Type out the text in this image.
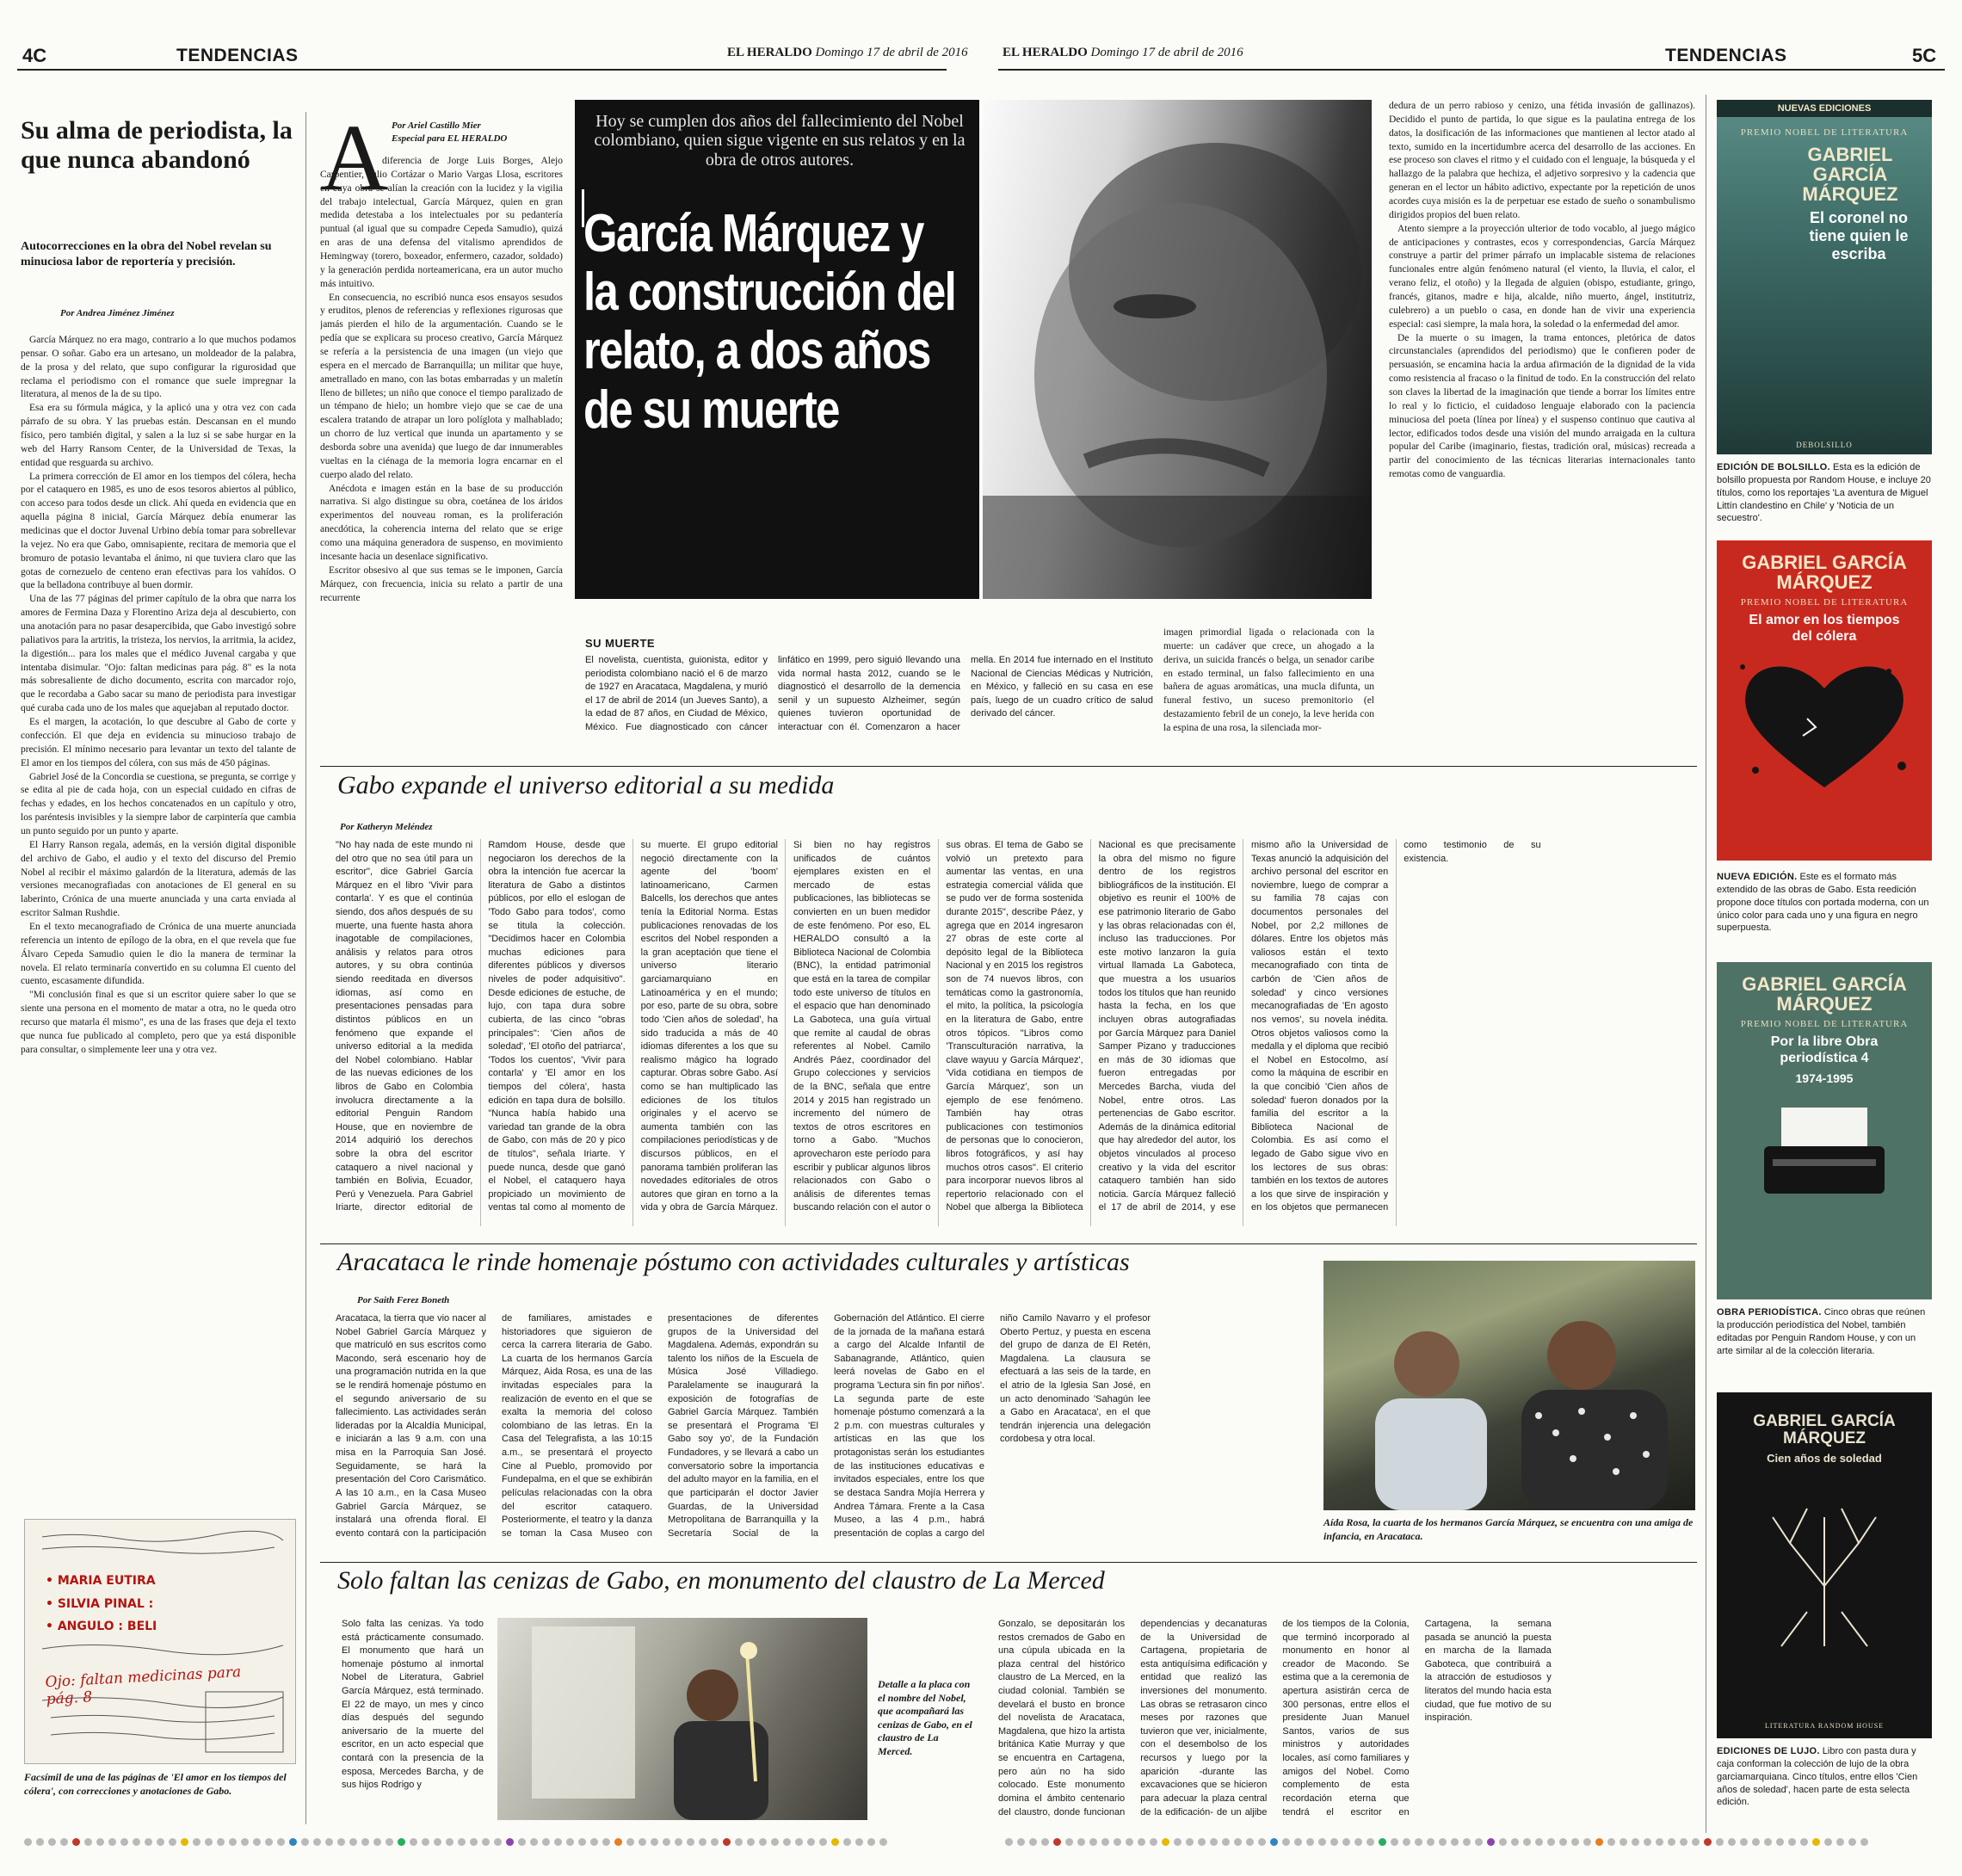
4C	TENDENCIAS	EL HERALDO Domingo 17 de abril de 2016	EL HERALDO Domingo 17 de abril de 2016	TENDENCIAS	5C
Su alma de periodista, la que nunca abandonó
Autocorrecciones en la obra del Nobel revelan su minuciosa labor de reportería y precisión.
Por Andrea Jiménez Jiménez

García Márquez no era mago, contrario a lo que muchos podamos pensar. O soñar. Gabo era un artesano, un moldeador de la palabra, de la prosa y del relato, que supo configurar la rigurosidad que reclama el periodismo con el romance que suele impregnar la literatura, al menos de la de su tipo.

Esa era su fórmula mágica, y la aplicó una y otra vez con cada párrafo de su obra. Y las pruebas están. Descansan en el mundo físico, pero también digital, y salen a la luz si se sabe hurgar en la web del Harry Ransom Center, de la Universidad de Texas, la entidad que resguarda su archivo.

La primera corrección de El amor en los tiempos del cólera, hecha por el cataquero en 1985, es uno de esos tesoros abiertos al público, con acceso para todos desde un click. Ahí queda en evidencia que en aquella página 8 inicial, García Márquez debía enumerar las medicinas que el doctor Juvenal Urbino debía tomar para sobrellevar la vejez. No era que Gabo, omnisapiente, recitara de memoria que el bromuro de potasio levantaba el ánimo, ni que tuviera claro que las gotas de cornezuelo de centeno eran efectivas para los vahídos. O que la belladona contribuye al buen dormir.

Una de las 77 páginas del primer capítulo de la obra que narra los amores de Fermina Daza y Florentino Ariza deja al descubierto, con una anotación para no pasar desapercibida, que Gabo investigó sobre paliativos para la artritis, la tristeza, los nervios, la arritmia, la acidez, la digestión... para los males que el médico Juvenal cargaba y que intentaba disimular. "Ojo: faltan medicinas para pág. 8" es la nota más sobresaliente de dicho documento, escrita con marcador rojo, que le recordaba a Gabo sacar su mano de periodista para investigar qué curaba cada uno de los males que aquejaban al reputado doctor.

Es el margen, la acotación, lo que descubre al Gabo de corte y confección. El que deja en evidencia su minucioso trabajo de precisión. El mínimo necesario para levantar un texto del talante de El amor en los tiempos del cólera, con sus más de 450 páginas.

Gabriel José de la Concordia se cuestiona, se pregunta, se corrige y se edita al pie de cada hoja, con un especial cuidado en cifras de fechas y edades, en los hechos concatenados en un capítulo y otro, los paréntesis invisibles y la siempre labor de carpintería que cambia un punto seguido por un punto y aparte.

El Harry Ranson regala, además, en la versión digital disponible del archivo de Gabo, el audio y el texto del discurso del Premio Nobel al recibir el máximo galardón de la literatura, además de las versiones mecanografiadas con anotaciones de El general en su laberinto, Crónica de una muerte anunciada y una carta enviada al escritor Salman Rushdie.

En el texto mecanografiado de Crónica de una muerte anunciada referencia un intento de epílogo de la obra, en el que revela que fue Álvaro Cepeda Samudio quien le dio la manera de terminar la novela. El relato terminaría convertido en su columna El cuento del cuento, escasamente difundida.

"Mi conclusión final es que si un escritor quiere saber lo que se siente una persona en el momento de matar a otra, no le queda otro recurso que matarla él mismo", es una de las frases que deja el texto que nunca fue publicado al completo, pero que ya está disponible para consultar, o simplemente leer una y otra vez.

• MARIA EUTIRA
• SILVIA PINAL :
• ANGULO : BELI
Ojo: faltan medicinas para pág. 8
Facsímil de una de las páginas de 'El amor en los tiempos del cólera', con correcciones y anotaciones de Gabo.
A Por Ariel Castillo Mier
Especial para EL HERALDO

diferencia de Jorge Luis Borges, Alejo Carpentier, Julio Cortázar o Mario Vargas Llosa, escritores en cuya obra se alían la creación con la lucidez y la vigilia del trabajo intelectual, García Márquez, quien en gran medida detestaba a los intelectuales por su pedantería puntual (al igual que su compadre Cepeda Samudio), quizá en aras de una defensa del vitalismo aprendidos de Hemingway (torero, boxeador, enfermero, cazador, soldado) y la generación perdida norteamericana, era un autor mucho más intuitivo.

En consecuencia, no escribió nunca esos ensayos sesudos y eruditos, plenos de referencias y reflexiones rigurosas que jamás pierden el hilo de la argumentación. Cuando se le pedía que se explicara su proceso creativo, García Márquez se refería a la persistencia de una imagen (un viejo que espera en el mercado de Barranquilla; un militar que huye, ametrallado en mano, con las botas embarradas y un maletín lleno de billetes; un niño que conoce el tiempo paralizado de un témpano de hielo; un hombre viejo que se cae de una escalera tratando de atrapar un loro políglota y malhablado; un chorro de luz vertical que inunda un apartamento y se desborda sobre una avenida) que luego de dar innumerables vueltas en la ciénaga de la memoria logra encarnar en el cuerpo alado del relato.

Anécdota e imagen están en la base de su producción narrativa. Si algo distingue su obra, coetánea de los áridos experimentos del nouveau roman, es la proliferación anecdótica, la coherencia interna del relato que se erige como una máquina generadora de suspenso, en movimiento incesante hacia un desenlace significativo.

Escritor obsesivo al que sus temas se le imponen, García Márquez, con frecuencia, inicia su relato a partir de una recurrente

Hoy se cumplen dos años del fallecimiento del Nobel colombiano, quien sigue vigente en sus relatos y en la obra de otros autores.
García Márquez y la construcción del relato, a dos años de su muerte
SU MUERTE
El novelista, cuentista, guionista, editor y periodista colombiano nació el 6 de marzo de 1927 en Aracataca, Magdalena, y murió el 17 de abril de 2014 (un Jueves Santo), a la edad de 87 años, en Ciudad de México, México. Fue diagnosticado con cáncer linfático en 1999, pero siguió llevando una vida normal hasta 2012, cuando se le diagnosticó el desarrollo de la demencia senil y un supuesto Alzheimer, según quienes tuvieron oportunidad de interactuar con él. Comenzaron a hacer mella. En 2014 fue internado en el Instituto Nacional de Ciencias Médicas y Nutrición, en México, y falleció en su casa en ese país, luego de un cuadro crítico de salud derivado del cáncer.
imagen primordial ligada o relacionada con la muerte: un cadáver que crece, un ahogado a la deriva, un suicida francés o belga, un senador caribe en estado terminal, un falso fallecimiento en una bañera de aguas aromáticas, una mucla difunta, un funeral festivo, un suceso premonitorio (el destazamiento febril de un conejo, la leve herida con la espina de una rosa, la silenciada mor-

dedura de un perro rabioso y cenizo, una fétida invasión de gallinazos). Decidido el punto de partida, lo que sigue es la paulatina entrega de los datos, la dosificación de las informaciones que mantienen al lector atado al texto, sumido en la incertidumbre acerca del desarrollo de las acciones. En ese proceso son claves el ritmo y el cuidado con el lenguaje, la búsqueda y el hallazgo de la palabra que hechiza, el adjetivo sorpresivo y la cadencia que generan en el lector un hábito adictivo, expectante por la repetición de unos acordes cuya misión es la de perpetuar ese estado de sueño o sonambulismo dirigidos propios del buen relato.

Atento siempre a la proyección ulterior de todo vocablo, al juego mágico de anticipaciones y contrastes, ecos y correspondencias, García Márquez construye a partir del primer párrafo un implacable sistema de relaciones funcionales entre algún fenómeno natural (el viento, la lluvia, el calor, el verano feliz, el otoño) y la llegada de alguien (obispo, estudiante, gringo, francés, gitanos, madre e hija, alcalde, niño muerto, ángel, institutriz, culebrero) a un pueblo o casa, en donde han de vivir una experiencia especial: casi siempre, la mala hora, la soledad o la enfermedad del amor.

De la muerte o su imagen, la trama entonces, pletórica de datos circunstanciales (aprendidos del periodismo) que le confieren poder de persuasión, se encamina hacia la ardua afirmación de la dignidad de la vida como resistencia al fracaso o la finitud de todo. En la construcción del relato son claves la libertad de la imaginación que tiende a borrar los límites entre lo real y lo ficticio, el cuidadoso lenguaje elaborado con la paciencia minuciosa del poeta (línea por línea) y el suspenso continuo que cautiva al lector, edificados todos desde una visión del mundo arraigada en la cultura popular del Caribe (imaginario, fiestas, tradición oral, músicas) recreada a partir del conocimiento de las técnicas literarias internacionales tanto remotas como de vanguardia.

Gabo expande el universo editorial a su medida
Por Katheryn Meléndez
"No hay nada de este mundo ni del otro que no sea útil para un escritor", dice Gabriel García Márquez en el libro 'Vivir para contarla'. Y es que el continúa siendo, dos años después de su muerte, una fuente hasta ahora inagotable de compilaciones, análisis y relatos para otros autores, y su obra continúa siendo reeditada en diversos idiomas, así como en presentaciones pensadas para distintos públicos en un fenómeno que expande el universo editorial a la medida del Nobel colombiano. Hablar de las nuevas ediciones de los libros de Gabo en Colombia involucra directamente a la editorial Penguin Random House, que en noviembre de 2014 adquirió los derechos sobre la obra del escritor cataquero a nivel nacional y también en Bolivia, Ecuador, Perú y Venezuela. Para Gabriel Iriarte, director editorial de Ramdom House, desde que negociaron los derechos de la obra la intención fue acercar la literatura de Gabo a distintos públicos, por ello el eslogan de 'Todo Gabo para todos', como se titula la colección. "Decidimos hacer en Colombia muchas ediciones para diferentes públicos y diversos niveles de poder adquisitivo". Desde ediciones de estuche, de lujo, con tapa dura sobre cubierta, de las cinco "obras principales": 'Cien años de soledad', 'El otoño del patriarca', 'Todos los cuentos', 'Vivir para contarla' y 'El amor en los tiempos del cólera', hasta edición en tapa dura de bolsillo. "Nunca había habido una variedad tan grande de la obra de Gabo, con más de 20 y pico de títulos", señala Iriarte. Y puede nunca, desde que ganó el Nobel, el cataquero haya propiciado un movimiento de ventas tal como al momento de su muerte. El grupo editorial negoció directamente con la agente del 'boom' latinoamericano, Carmen Balcells, los derechos que antes tenía la Editorial Norma. Estas publicaciones renovadas de los escritos del Nobel responden a la gran aceptación que tiene el universo literario garciamarquiano en Latinoamérica y en el mundo; por eso, parte de su obra, sobre todo 'Cien años de soledad', ha sido traducida a más de 40 idiomas diferentes a los que su realismo mágico ha logrado capturar. Obras sobre Gabo. Así como se han multiplicado las ediciones de los títulos originales y el acervo se aumenta también con las compilaciones periodísticas y de discursos públicos, en el panorama también proliferan las novedades editoriales de otros autores que giran en torno a la vida y obra de García Márquez. Si bien no hay registros unificados de cuántos ejemplares existen en el mercado de estas publicaciones, las bibliotecas se convierten en un buen medidor de este fenómeno. Por eso, EL HERALDO consultó a la Biblioteca Nacional de Colombia (BNC), la entidad patrimonial que está en la tarea de compilar todo este universo de títulos en el espacio que han denominado La Gaboteca, una guía virtual que remite al caudal de obras referentes al Nobel. Camilo Andrés Páez, coordinador del Grupo colecciones y servicios de la BNC, señala que entre 2014 y 2015 han registrado un incremento del número de textos de otros escritores en torno a Gabo. "Muchos aprovecharon este período para escribir y publicar algunos libros relacionados con Gabo o análisis de diferentes temas buscando relación con el autor o sus obras. El tema de Gabo se volvió un pretexto para aumentar las ventas, en una estrategia comercial válida que se pudo ver de forma sostenida durante 2015", describe Páez, y agrega que en 2014 ingresaron 27 obras de este corte al depósito legal de la Biblioteca Nacional y en 2015 los registros son de 74 nuevos libros, con temáticas como la gastronomía, el mito, la política, la psicología en la literatura de Gabo, entre otros tópicos. "Libros como 'Transculturación narrativa, la clave wayuu y García Márquez', 'Vida cotidiana en tiempos de García Márquez', son un ejemplo de ese fenómeno. También hay otras publicaciones con testimonios de personas que lo conocieron, libros fotográficos, y así hay muchos otros casos". El criterio para incorporar nuevos libros al repertorio relacionado con el Nobel que alberga la Biblioteca Nacional es que precisamente la obra del mismo no figure dentro de los registros bibliográficos de la institución. El objetivo es reunir el 100% de ese patrimonio literario de Gabo y las obras relacionadas con él, incluso las traducciones. Por este motivo lanzaron la guía virtual llamada La Gaboteca, que muestra a los usuarios todos los títulos que han reunido hasta la fecha, en los que incluyen obras autografiadas por García Márquez para Daniel Samper Pizano y traducciones en más de 30 idiomas que fueron entregadas por Mercedes Barcha, viuda del Nobel, entre otros. Las pertenencias de Gabo escritor. Además de la dinámica editorial que hay alrededor del autor, los objetos vinculados al proceso creativo y la vida del escritor cataquero también han sido noticia. García Márquez falleció el 17 de abril de 2014, y ese mismo año la Universidad de Texas anunció la adquisición del archivo personal del escritor en noviembre, luego de comprar a su familia 78 cajas con documentos personales del Nobel, por 2,2 millones de dólares. Entre los objetos más valiosos están el texto mecanografiado con tinta de carbón de 'Cien años de soledad' y cinco versiones mecanografiadas de 'En agosto nos vemos', su novela inédita. Otros objetos valiosos como la medalla y el diploma que recibió el Nobel en Estocolmo, así como la máquina de escribir en la que concibió 'Cien años de soledad' fueron donados por la familia del escritor a la Biblioteca Nacional de Colombia. Es así como el legado de Gabo sigue vivo en los lectores de sus obras: también en los textos de autores a los que sirve de inspiración y en los objetos que permanecen como testimonio de su existencia.
Aracataca le rinde homenaje póstumo con actividades culturales y artísticas
Por Saith Ferez Boneth
Aracataca, la tierra que vio nacer al Nobel Gabriel García Márquez y que matriculó en sus escritos como Macondo, será escenario hoy de una programación nutrida en la que se le rendirá homenaje póstumo en el segundo aniversario de su fallecimiento. Las actividades serán lideradas por la Alcaldía Municipal, e iniciarán a las 9 a.m. con una misa en la Parroquia San José. Seguidamente, se hará la presentación del Coro Carismático. A las 10 a.m., en la Casa Museo Gabriel García Márquez, se instalará una ofrenda floral. El evento contará con la participación de familiares, amistades e historiadores que siguieron de cerca la carrera literaria de Gabo. La cuarta de los hermanos García Márquez, Aida Rosa, es una de las invitadas especiales para la realización de evento en el que se exalta la memoria del coloso colombiano de las letras. En la Casa del Telegrafista, a las 10:15 a.m., se presentará el proyecto Cine al Pueblo, promovido por Fundepalma, en el que se exhibirán películas relacionadas con la obra del escritor cataquero. Posteriormente, el teatro y la danza se toman la Casa Museo con presentaciones de diferentes grupos de la Universidad del Magdalena. Además, expondrán su talento los niños de la Escuela de Música José Villadiego. Paralelamente se inaugurará la exposición de fotografías de Gabriel García Márquez. También se presentará el Programa 'El Gabo soy yo', de la Fundación Fundadores, y se llevará a cabo un conversatorio sobre la importancia del adulto mayor en la familia, en el que participarán el doctor Javier Guardas, de la Universidad Metropolitana de Barranquilla y la Secretaría Social de la Gobernación del Atlántico. El cierre de la jornada de la mañana estará a cargo del Alcalde Infantil de Sabanagrande, Atlántico, quien leerá novelas de Gabo en el programa 'Lectura sin fin por niños'. La segunda parte de este homenaje póstumo comenzará a la 2 p.m. con muestras culturales y artísticas en las que los protagonistas serán los estudiantes de las instituciones educativas e invitados especiales, entre los que se destaca Sandra Mojía Herrera y Andrea Támara. Frente a la Casa Museo, a las 4 p.m., habrá presentación de coplas a cargo del niño Camilo Navarro y el profesor Oberto Pertuz, y puesta en escena del grupo de danza de El Retén, Magdalena. La clausura se efectuará a las seis de la tarde, en el atrio de la Iglesia San José, en un acto denominado 'Sahagún lee a Gabo en Aracataca', en el que tendrán injerencia una delegación cordobesa y otra local.
Aída Rosa, la cuarta de los hermanos García Márquez, se encuentra con una amiga de infancia, en Aracataca.
Solo faltan las cenizas de Gabo, en monumento del claustro de La Merced
Solo falta las cenizas. Ya todo está prácticamente consumado. El monumento que hará un homenaje póstumo al inmortal Nobel de Literatura, Gabriel García Márquez, está terminado. El 22 de mayo, un mes y cinco días después del segundo aniversario de la muerte del escritor, en un acto especial que contará con la presencia de la esposa, Mercedes Barcha, y de sus hijos Rodrigo y
Detalle a la placa con el nombre del Nobel, que acompañará las cenizas de Gabo, en el claustro de La Merced.
Gonzalo, se depositarán los restos cremados de Gabo en una cúpula ubicada en la plaza central del histórico claustro de La Merced, en la ciudad colonial. También se develará el busto en bronce del novelista de Aracataca, Magdalena, que hizo la artista británica Katie Murray y que se encuentra en Cartagena, pero aún no ha sido colocado. Este monumento domina el ámbito centenario del claustro, donde funcionan dependencias y decanaturas de la Universidad de Cartagena, propietaria de esta antiquísima edificación y entidad que realizó las inversiones del monumento. Las obras se retrasaron cinco meses por razones que tuvieron que ver, inicialmente, con el desembolso de los recursos y luego por la aparición -durante las excavaciones que se hicieron para adecuar la plaza central de la edificación- de un aljibe de los tiempos de la Colonia, que terminó incorporado al monumento en honor al creador de Macondo. Se estima que a la ceremonia de apertura asistirán cerca de 300 personas, entre ellos el presidente Juan Manuel Santos, varios de sus ministros y autoridades locales, así como familiares y amigos del Nobel. Como complemento de esta recordación eterna que tendrá el escritor en Cartagena, la semana pasada se anunció la puesta en marcha de la llamada Gaboteca, que contribuirá a la atracción de estudiosos y literatos del mundo hacia esta ciudad, que fue motivo de su inspiración.
NUEVAS EDICIONES
PREMIO NOBEL DE LITERATURA
GABRIEL GARCÍA MÁRQUEZ
El coronel no tiene quien le escriba
DEBOLSILLO
EDICIÓN DE BOLSILLO. Esta es la edición de bolsillo propuesta por Random House, e incluye 20 títulos, como los reportajes 'La aventura de Miguel Littín clandestino en Chile' y 'Noticia de un secuestro'.
GABRIEL GARCÍA MÁRQUEZ
PREMIO NOBEL DE LITERATURA
El amor en los tiempos del cólera
NUEVA EDICIÓN. Este es el formato más extendido de las obras de Gabo. Esta reedición propone doce títulos con portada moderna, con un único color para cada uno y una figura en negro superpuesta.
GABRIEL GARCÍA MÁRQUEZ
PREMIO NOBEL DE LITERATURA
Por la libre Obra periodística 4
1974-1995
OBRA PERIODÍSTICA. Cinco obras que reúnen la producción periodística del Nobel, también editadas por Penguin Random House, y con un arte similar al de la colección literaria.
GABRIEL GARCÍA MÁRQUEZ
Cien años de soledad
LITERATURA RANDOM HOUSE
EDICIONES DE LUJO. Libro con pasta dura y caja conforman la colección de lujo de la obra garciamarquiana. Cinco títulos, entre ellos 'Cien años de soledad', hacen parte de esta selecta edición.
